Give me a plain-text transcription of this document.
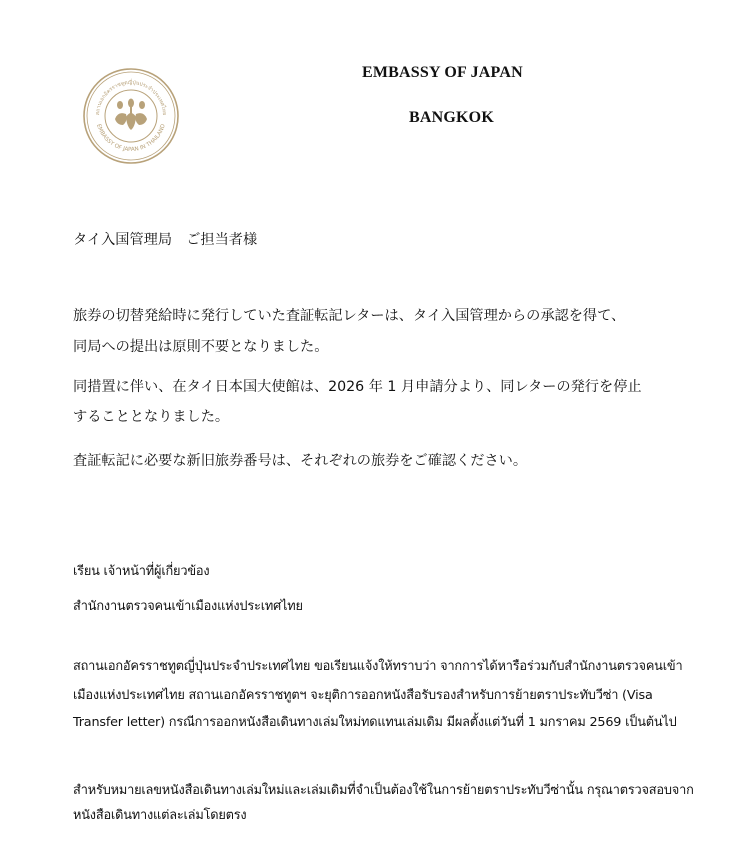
สถานเอกอัครราชทูตญี่ปุ่นประจำประเทศไทย
EMBASSY OF JAPAN IN THAILAND
EMBASSY OF JAPAN
BANGKOK
タイ入国管理局　ご担当者様
旅券の切替発給時に発行していた査証転記レターは、タイ入国管理からの承認を得て、
同局への提出は原則不要となりました。
同措置に伴い、在タイ日本国大使館は、2026 年 1 月申請分より、同レターの発行を停止
することとなりました。
査証転記に必要な新旧旅券番号は、それぞれの旅券をご確認ください。
เรียน เจ้าหน้าที่ผู้เกี่ยวข้อง
สำนักงานตรวจคนเข้าเมืองแห่งประเทศไทย
สถานเอกอัครราชทูตญี่ปุ่นประจำประเทศไทย ขอเรียนแจ้งให้ทราบว่า จากการได้หารือร่วมกับสำนักงานตรวจคนเข้า
เมืองแห่งประเทศไทย สถานเอกอัครราชทูตฯ จะยุติการออกหนังสือรับรองสำหรับการย้ายตราประทับวีซ่า (Visa
Transfer letter) กรณีการออกหนังสือเดินทางเล่มใหม่ทดแทนเล่มเดิม มีผลตั้งแต่วันที่ 1 มกราคม 2569 เป็นต้นไป
สำหรับหมายเลขหนังสือเดินทางเล่มใหม่และเล่มเดิมที่จำเป็นต้องใช้ในการย้ายตราประทับวีซ่านั้น กรุณาตรวจสอบจาก
หนังสือเดินทางแต่ละเล่มโดยตรง
